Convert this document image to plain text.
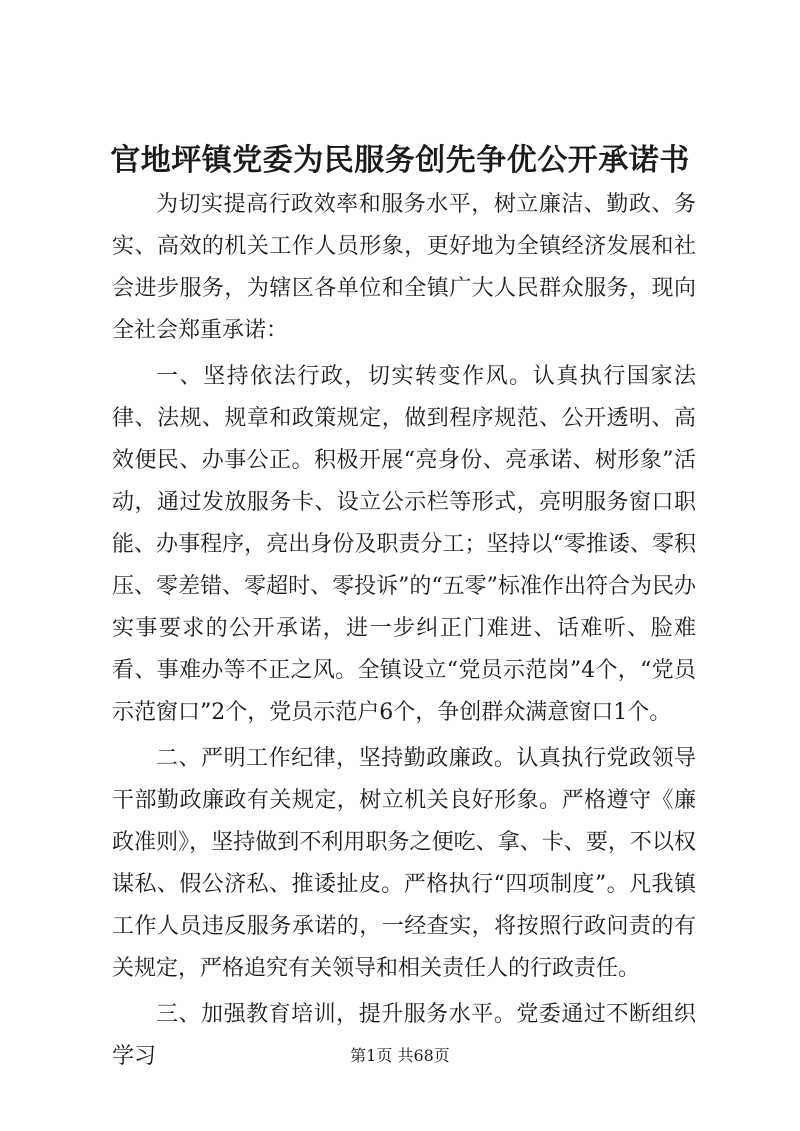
官地坪镇党委为民服务创先争优公开承诺书

为切实提高行政效率和服务水平，树立廉洁、勤政、务实、高效的机关工作人员形象，更好地为全镇经济发展和社会进步服务，为辖区各单位和全镇广大人民群众服务，现向全社会郑重承诺：

一、坚持依法行政，切实转变作风。认真执行国家法律、法规、规章和政策规定，做到程序规范、公开透明、高效便民、办事公正。积极开展“亮身份、亮承诺、树形象”活动，通过发放服务卡、设立公示栏等形式，亮明服务窗口职能、办事程序，亮出身份及职责分工；坚持以“零推诿、零积压、零差错、零超时、零投诉”的“五零”标准作出符合为民办实事要求的公开承诺，进一步纠正门难进、话难听、脸难看、事难办等不正之风。全镇设立“党员示范岗”4个，“党员示范窗口”2个，党员示范户6个，争创群众满意窗口1个。

二、严明工作纪律，坚持勤政廉政。认真执行党政领导干部勤政廉政有关规定，树立机关良好形象。严格遵守《廉政准则》，坚持做到不利用职务之便吃、拿、卡、要，不以权谋私、假公济私、推诿扯皮。严格执行“四项制度”。凡我镇工作人员违反服务承诺的，一经查实，将按照行政问责的有关规定，严格追究有关领导和相关责任人的行政责任。

三、加强教育培训，提升服务水平。党委通过不断组织学习	第1页 共68页
